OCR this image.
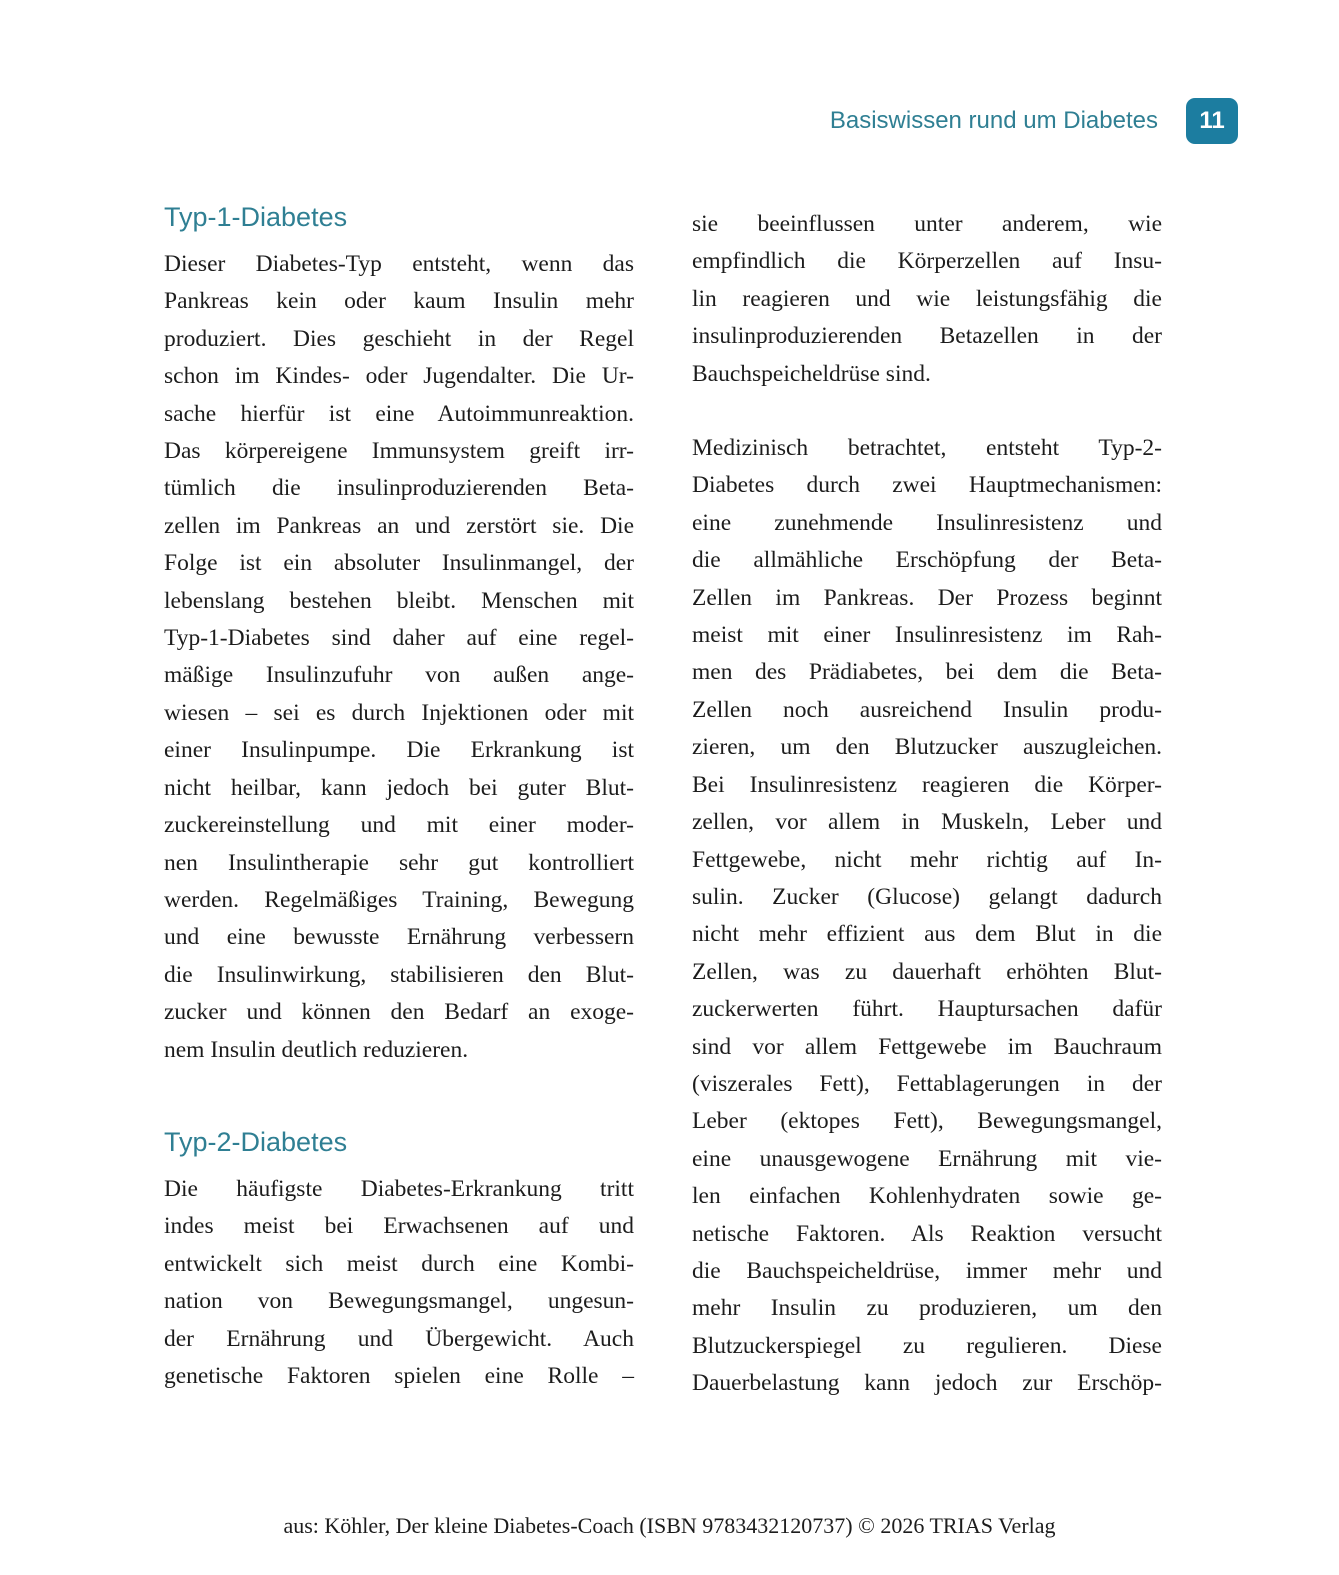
Basiswissen rund um Diabetes	11
Typ-1-Diabetes
Dieser Diabetes-Typ entsteht, wenn das
Pankreas kein oder kaum Insulin mehr
produziert. Dies geschieht in der Regel
schon im Kindes- oder Jugendalter. Die Ur-
sache hierfür ist eine Autoimmunreaktion.
Das körpereigene Immunsystem greift irr-
tümlich die insulinproduzierenden Beta-
zellen im Pankreas an und zerstört sie. Die
Folge ist ein absoluter Insulinmangel, der
lebenslang bestehen bleibt. Menschen mit
Typ-1-Diabetes sind daher auf eine regel-
mäßige Insulinzufuhr von außen ange-
wiesen – sei es durch Injektionen oder mit
einer Insulinpumpe. Die Erkrankung ist
nicht heilbar, kann jedoch bei guter Blut-
zuckereinstellung und mit einer moder-
nen Insulintherapie sehr gut kontrolliert
werden. Regelmäßiges Training, Bewegung
und eine bewusste Ernährung verbessern
die Insulinwirkung, stabilisieren den Blut-
zucker und können den Bedarf an exoge-
nem Insulin deutlich reduzieren.
Typ-2-Diabetes
Die häufigste Diabetes-Erkrankung tritt
indes meist bei Erwachsenen auf und
entwickelt sich meist durch eine Kombi-
nation von Bewegungsmangel, ungesun-
der Ernährung und Übergewicht. Auch
genetische Faktoren spielen eine Rolle –
sie beeinflussen unter anderem, wie
empfindlich die Körperzellen auf Insu-
lin reagieren und wie leistungsfähig die
insulinproduzierenden Betazellen in der
Bauchspeicheldrüse sind.
Medizinisch betrachtet, entsteht Typ-2-
Diabetes durch zwei Hauptmechanismen:
eine zunehmende Insulinresistenz und
die allmähliche Erschöpfung der Beta-
Zellen im Pankreas. Der Prozess beginnt
meist mit einer Insulinresistenz im Rah-
men des Prädiabetes, bei dem die Beta-
Zellen noch ausreichend Insulin produ-
zieren, um den Blutzucker auszugleichen.
Bei Insulinresistenz reagieren die Körper-
zellen, vor allem in Muskeln, Leber und
Fettgewebe, nicht mehr richtig auf In-
sulin. Zucker (Glucose) gelangt dadurch
nicht mehr effizient aus dem Blut in die
Zellen, was zu dauerhaft erhöhten Blut-
zuckerwerten führt. Hauptursachen dafür
sind vor allem Fettgewebe im Bauchraum
(viszerales Fett), Fettablagerungen in der
Leber (ektopes Fett), Bewegungsmangel,
eine unausgewogene Ernährung mit vie-
len einfachen Kohlenhydraten sowie ge-
netische Faktoren. Als Reaktion versucht
die Bauchspeicheldrüse, immer mehr und
mehr Insulin zu produzieren, um den
Blutzuckerspiegel zu regulieren. Diese
Dauerbelastung kann jedoch zur Erschöp-
aus: Köhler, Der kleine Diabetes-Coach (ISBN 9783432120737) © 2026 TRIAS Verlag
